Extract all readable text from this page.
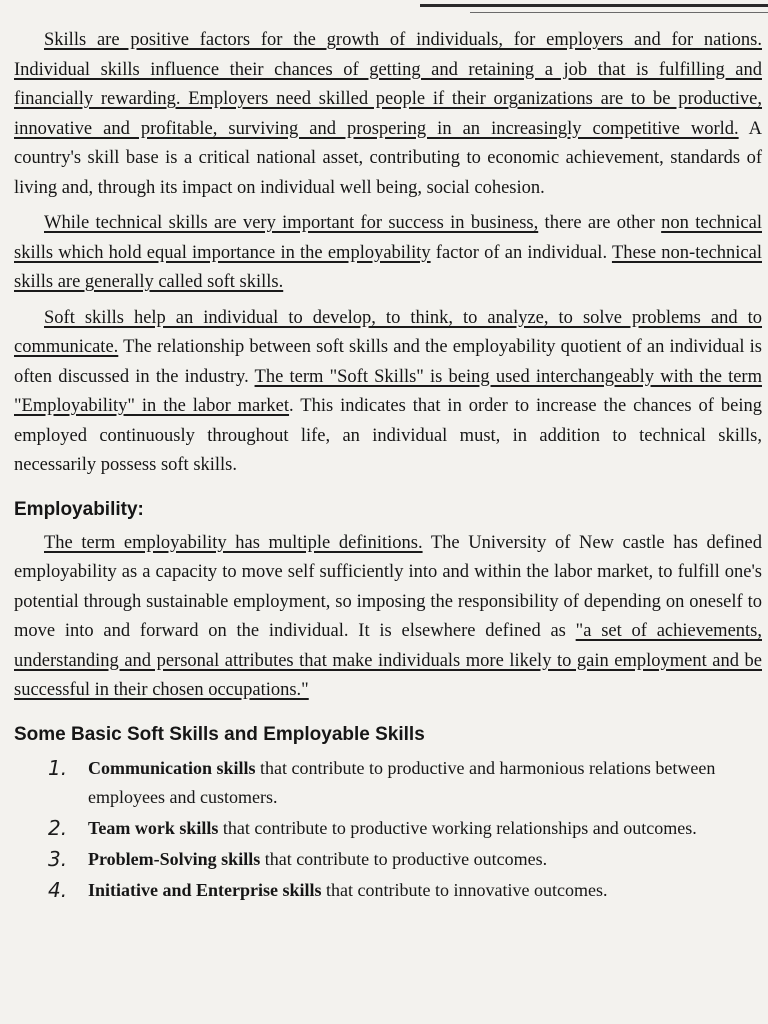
Skills are positive factors for the growth of individuals, for employers and for nations. Individual skills influence their chances of getting and retaining a job that is fulfilling and financially rewarding. Employers need skilled people if their organizations are to be productive, innovative and profitable, surviving and prospering in an increasingly competitive world. A country's skill base is a critical national asset, contributing to economic achievement, standards of living and, through its impact on individual well being, social cohesion.

While technical skills are very important for success in business, there are other non technical skills which hold equal importance in the employability factor of an individual. These non-technical skills are generally called soft skills.

Soft skills help an individual to develop, to think, to analyze, to solve problems and to communicate. The relationship between soft skills and the employability quotient of an individual is often discussed in the industry. The term "Soft Skills" is being used interchangeably with the term "Employability" in the labor market. This indicates that in order to increase the chances of being employed continuously throughout life, an individual must, in addition to technical skills, necessarily possess soft skills.

Employability:

The term employability has multiple definitions. The University of New castle has defined employability as a capacity to move self sufficiently into and within the labor market, to fulfill one's potential through sustainable employment, so imposing the responsibility of depending on oneself to move into and forward on the individual. It is elsewhere defined as "a set of achievements, understanding and personal attributes that make individuals more likely to gain employment and be successful in their chosen occupations."

Some Basic Soft Skills and Employable Skills
1. Communication skills that contribute to productive and harmonious relations between employees and customers.
2. Team work skills that contribute to productive working relationships and outcomes.
3. Problem-Solving skills that contribute to productive outcomes.
4. Initiative and Enterprise skills that contribute to innovative outcomes.
